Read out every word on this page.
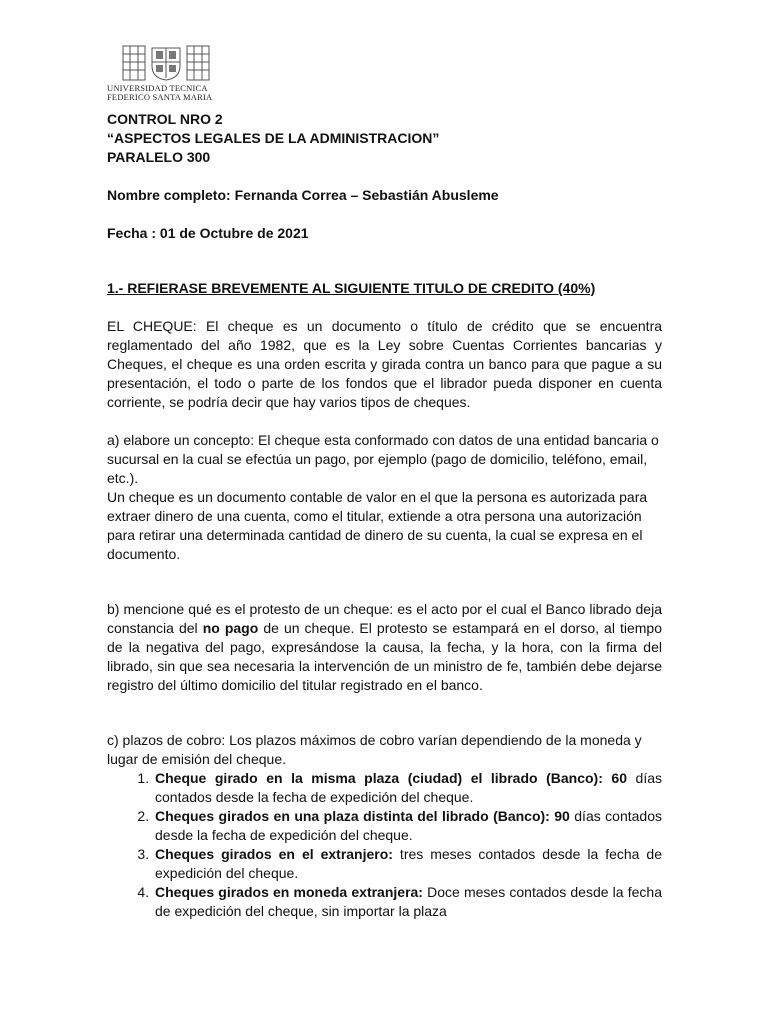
UNIVERSIDAD TECNICA
FEDERICO SANTA MARIA

CONTROL NRO 2

“ASPECTOS LEGALES DE LA ADMINISTRACION”

PARALELO 300

Nombre completo: Fernanda Correa – Sebastián Abusleme

Fecha : 01 de Octubre de 2021

1.- REFIERASE BREVEMENTE AL SIGUIENTE TITULO DE CREDITO (40%)

EL CHEQUE: El cheque es un documento o título de crédito que se encuentra reglamentado del año 1982, que es la Ley sobre Cuentas Corrientes bancarias y Cheques, el cheque es una orden escrita y girada contra un banco para que pague a su presentación, el todo o parte de los fondos que el librador pueda disponer en cuenta corriente, se podría decir que hay varios tipos de cheques.

a) elabore un concepto: El cheque esta conformado con datos de una entidad bancaria o sucursal en la cual se efectúa un pago, por ejemplo (pago de domicilio, teléfono, email, etc.).

Un cheque es un documento contable de valor en el que la persona es autorizada para extraer dinero de una cuenta, como el titular, extiende a otra persona una autorización para retirar una determinada cantidad de dinero de su cuenta, la cual se expresa en el documento.

b) mencione qué es el protesto de un cheque: es el acto por el cual el Banco librado deja constancia del no pago de un cheque. El protesto se estampará en el dorso, al tiempo de la negativa del pago, expresándose la causa, la fecha, y la hora, con la firma del librado, sin que sea necesaria la intervención de un ministro de fe, también debe dejarse registro del último domicilio del titular registrado en el banco.

c) plazos de cobro: Los plazos máximos de cobro varían dependiendo de la moneda y lugar de emisión del cheque.

1. Cheque girado en la misma plaza (ciudad) el librado (Banco): 60 días contados desde la fecha de expedición del cheque.
2. Cheques girados en una plaza distinta del librado (Banco): 90 días contados desde la fecha de expedición del cheque.
3. Cheques girados en el extranjero: tres meses contados desde la fecha de expedición del cheque.
4. Cheques girados en moneda extranjera: Doce meses contados desde la fecha de expedición del cheque, sin importar la plaza
